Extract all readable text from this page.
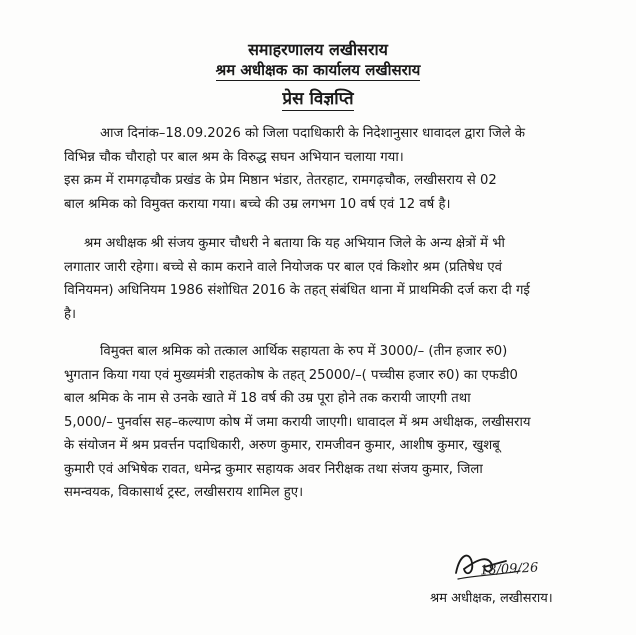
समाहरणालय लखीसराय
श्रम अधीक्षक का कार्यालय लखीसराय
प्रेस विज्ञप्ति
आज दिनांक–18.09.2026 को जिला पदाधिकारी के निदेशानुसार धावादल द्वारा जिले के
विभिन्न चौक चौराहो पर बाल श्रम के विरुद्ध सघन अभियान चलाया गया।
इस क्रम में रामगढ़चौक प्रखंड के प्रेम मिष्ठान भंडार, तेतरहाट, रामगढ़चौक, लखीसराय से 02
बाल श्रमिक को विमुक्त कराया गया। बच्चे की उम्र लगभग 10 वर्ष एवं 12 वर्ष है।
श्रम अधीक्षक श्री संजय कुमार चौधरी ने बताया कि यह अभियान जिले के अन्य क्षेत्रों में भी
लगातार जारी रहेगा। बच्चे से काम कराने वाले नियोजक पर बाल एवं किशोर श्रम (प्रतिषेध एवं
विनियमन) अधिनियम 1986 संशोधित 2016 के तहत् संबंधित थाना में प्राथमिकी दर्ज करा दी गई
है।
विमुक्त बाल श्रमिक को तत्काल आर्थिक सहायता के रुप में 3000/– (तीन हजार रु0)
भुगतान किया गया एवं मुख्यमंत्री राहतकोष के तहत् 25000/–( पच्चीस हजार रु0) का एफडी0
बाल श्रमिक के नाम से उनके खाते में 18 वर्ष की उम्र पूरा होने तक करायी जाएगी तथा
5,000/– पुनर्वास सह–कल्याण कोष में जमा करायी जाएगी। धावादल में श्रम अधीक्षक, लखीसराय
के संयोजन में श्रम प्रवर्त्तन पदाधिकारी, अरुण कुमार, रामजीवन कुमार, आशीष कुमार, खुशबू
कुमारी एवं अभिषेक रावत, धमेन्द्र कुमार सहायक अवर निरीक्षक तथा संजय कुमार, जिला
समन्वयक, विकासार्थ ट्रस्ट, लखीसराय शामिल हुए।
18/09/26
श्रम अधीक्षक, लखीसराय।
